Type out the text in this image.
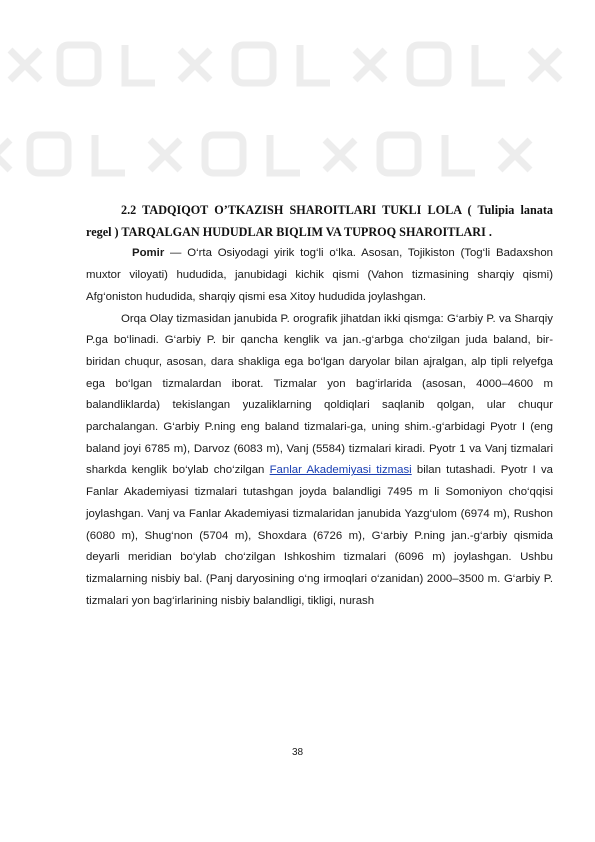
2.2 TADQIQOT O’TKAZISH SHAROITLARI TUKLI LOLA ( Tulipia lanata regel ) TARQALGAN HUDUDLAR BIQLIM VA TUPROQ SHAROITLARI .

Pomir — O‘rta Osiyodagi yirik tog‘li o‘lka. Asosan, Tojikiston (Tog‘li Badaxshon muxtor viloyati) hududida, janubidagi kichik qismi (Vahon tizmasining sharqiy qismi) Afg‘oniston hududida, sharqiy qismi esa Xitoy hududida joylashgan.

Orqa Olay tizmasidan janubida P. orografik jihatdan ikki qismga: G‘arbiy P. va Sharqiy P.ga bo‘linadi. G‘arbiy P. bir qancha kenglik va jan.-g‘arbga cho‘zilgan juda baland, bir-biridan chuqur, asosan, dara shakliga ega bo‘lgan daryolar bilan ajralgan, alp tipli relyefga ega bo‘lgan tizmalardan iborat. Tizmalar yon bag‘irlarida (asosan, 4000–4600 m balandliklarda) tekislangan yuzaliklarning qoldiqlari saqlanib qolgan, ular chuqur parchalangan. G‘arbiy P.ning eng baland tizmalari-ga, uning shim.-g‘arbidagi Pyotr I (eng baland joyi 6785 m), Darvoz (6083 m), Vanj (5584) tizmalari kiradi. Pyotr 1 va Vanj tizmalari sharkda kenglik bo‘ylab cho‘zilgan Fanlar Akademiyasi tizmasi bilan tutashadi. Pyotr I va Fanlar Akademiyasi tizmalari tutashgan joyda balandligi 7495 m li Somoniyon cho‘qqisi joylashgan. Vanj va Fanlar Akademiyasi tizmalaridan janubida Yazg‘ulom (6974 m), Rushon (6080 m), Shug‘non (5704 m), Shoxdara (6726 m), G‘arbiy P.ning jan.-g‘arbiy qismida deyarli meridian bo‘ylab cho‘zilgan Ishkoshim tizmalari (6096 m) joylashgan. Ushbu tizmalarning nisbiy bal. (Panj daryosining o‘ng irmoqlari o‘zanidan) 2000–3500 m. G‘arbiy P. tizmalari yon bag‘irlarining nisbiy balandligi, tikligi, nurash

38
